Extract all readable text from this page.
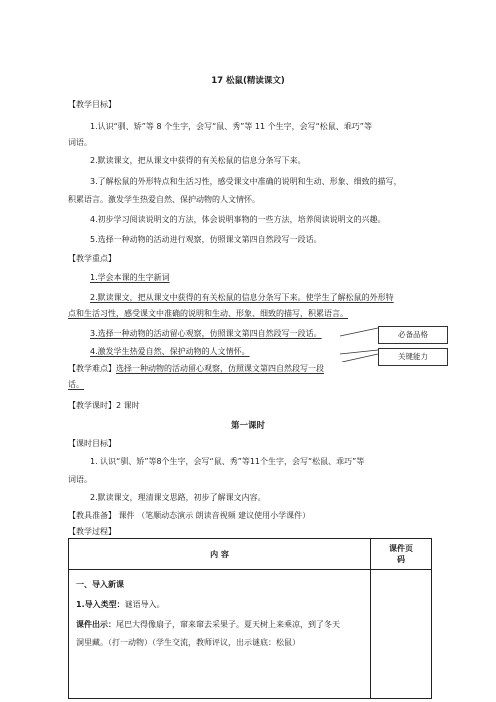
17 松鼠(精读课文)
【教学目标】
1.认识“驯、矫”等 8 个生字，会写“鼠、秀”等 11 个生字，会写“松鼠、乖巧”等
词语。
2.默读课文，把从课文中获得的有关松鼠的信息分条写下来。
3.了解松鼠的外形特点和生活习性，感受课文中准确的说明和生动、形象、细致的描写，
积累语言。激发学生热爱自然、保护动物的人文情怀。
4.初步学习阅读说明文的方法，体会说明事物的一些方法，培养阅读说明文的兴趣。
5.选择一种动物的活动进行观察，仿照课文第四自然段写一段话。
【教学重点】
1.学会本课的生字新词
2.默读课文，把从课文中获得的有关松鼠的信息分条写下来。使学生了解松鼠的外形特
点和生活习性，感受课文中准确的说明和生动、形象、细致的描写，积累语言。
3.选择一种动物的活动留心观察，仿照课文第四自然段写一段话。
4.激发学生热爱自然、保护动物的人文情怀。
【教学难点】选择一种动物的活动留心观察，仿照课文第四自然段写一段
话。
【教学课时】2 课时
必备品格
关键能力
第一课时
【课时目标】
1. 认识“驯、矫”等8个生字，会写“鼠、秀”等11个生字，会写“松鼠、乖巧”等
词语。
2.默读课文，理清课文思路，初步了解课文内容。
【教具准备】 课件 （笔顺动态演示 朗读音视频 建议使用小学课件）
【教学过程】
内 容	课件页
码

一、导入新课
1.导入类型：谜语导入。
课件出示：尾巴大得像扇子，窜来窜去采果子。夏天树上来乘凉，到了冬天
洞里藏。（打一动物）（学生交流，教师评议，出示谜底：松鼠）	
